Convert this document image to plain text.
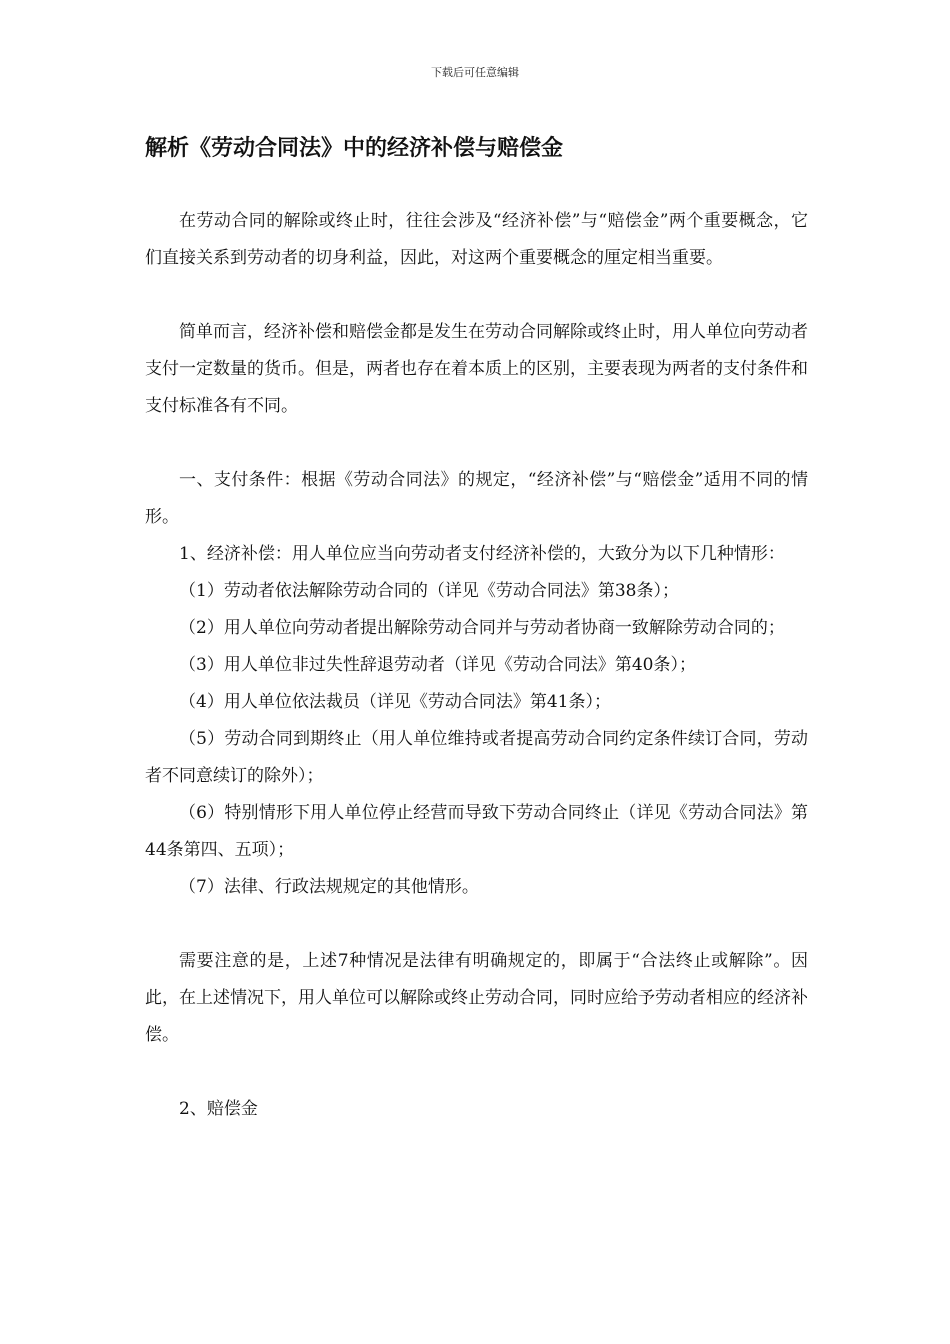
下载后可任意编辑
解析《劳动合同法》中的经济补偿与赔偿金

在劳动合同的解除或终止时，往往会涉及“经济补偿”与“赔偿金”两个重要概念，它们直接关系到劳动者的切身利益，因此，对这两个重要概念的厘定相当重要。

简单而言，经济补偿和赔偿金都是发生在劳动合同解除或终止时，用人单位向劳动者支付一定数量的货币。但是，两者也存在着本质上的区别，主要表现为两者的支付条件和支付标准各有不同。

一、支付条件：根据《劳动合同法》的规定，“经济补偿”与“赔偿金”适用不同的情形。

1、经济补偿：用人单位应当向劳动者支付经济补偿的，大致分为以下几种情形：

（1）劳动者依法解除劳动合同的（详见《劳动合同法》第38条）；

（2）用人单位向劳动者提出解除劳动合同并与劳动者协商一致解除劳动合同的；

（3）用人单位非过失性辞退劳动者（详见《劳动合同法》第40条）；

（4）用人单位依法裁员（详见《劳动合同法》第41条）；

（5）劳动合同到期终止（用人单位维持或者提高劳动合同约定条件续订合同，劳动者不同意续订的除外）；

（6）特别情形下用人单位停止经营而导致下劳动合同终止（详见《劳动合同法》第44条第四、五项）；

（7）法律、行政法规规定的其他情形。

需要注意的是，上述7种情况是法律有明确规定的，即属于“合法终止或解除”。因此，在上述情况下，用人单位可以解除或终止劳动合同，同时应给予劳动者相应的经济补偿。

2、赔偿金
